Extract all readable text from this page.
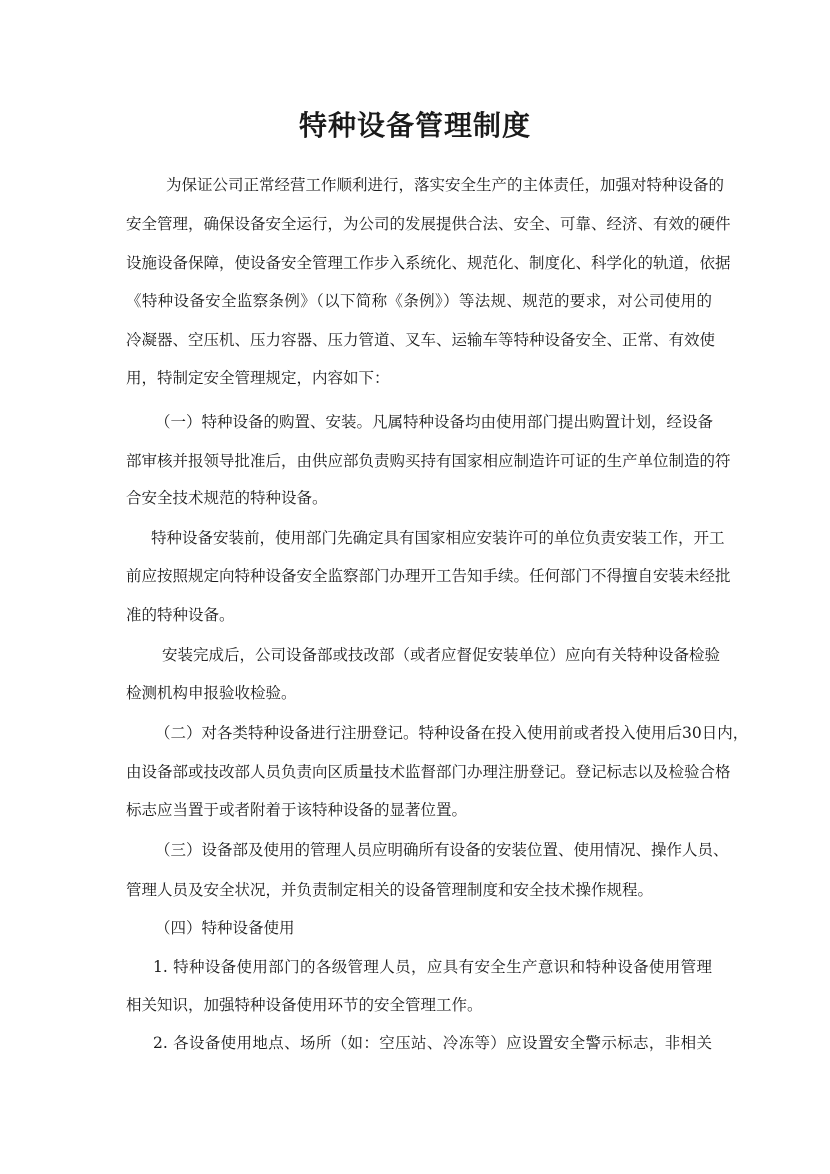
特种设备管理制度
为保证公司正常经营工作顺利进行，落实安全生产的主体责任，加强对特种设备的
安全管理，确保设备安全运行，为公司的发展提供合法、安全、可靠、经济、有效的硬件
设施设备保障，使设备安全管理工作步入系统化、规范化、制度化、科学化的轨道，依据
《特种设备安全监察条例》（以下简称《条例》）等法规、规范的要求，对公司使用的
冷凝器、空压机、压力容器、压力管道、叉车、运输车等特种设备安全、正常、有效使
用，特制定安全管理规定，内容如下：
（一）特种设备的购置、安装。凡属特种设备均由使用部门提出购置计划，经设备
部审核并报领导批准后，由供应部负责购买持有国家相应制造许可证的生产单位制造的符
合安全技术规范的特种设备。
特种设备安装前，使用部门先确定具有国家相应安装许可的单位负责安装工作，开工
前应按照规定向特种设备安全监察部门办理开工告知手续。任何部门不得擅自安装未经批
准的特种设备。
安装完成后，公司设备部或技改部（或者应督促安装单位）应向有关特种设备检验
检测机构申报验收检验。
（二）对各类特种设备进行注册登记。特种设备在投入使用前或者投入使用后30日内，
由设备部或技改部人员负责向区质量技术监督部门办理注册登记。登记标志以及检验合格
标志应当置于或者附着于该特种设备的显著位置。
（三）设备部及使用的管理人员应明确所有设备的安装位置、使用情况、操作人员、
管理人员及安全状况，并负责制定相关的设备管理制度和安全技术操作规程。
（四）特种设备使用
1. 特种设备使用部门的各级管理人员，应具有安全生产意识和特种设备使用管理
相关知识，加强特种设备使用环节的安全管理工作。
2. 各设备使用地点、场所（如：空压站、冷冻等）应设置安全警示标志，非相关
